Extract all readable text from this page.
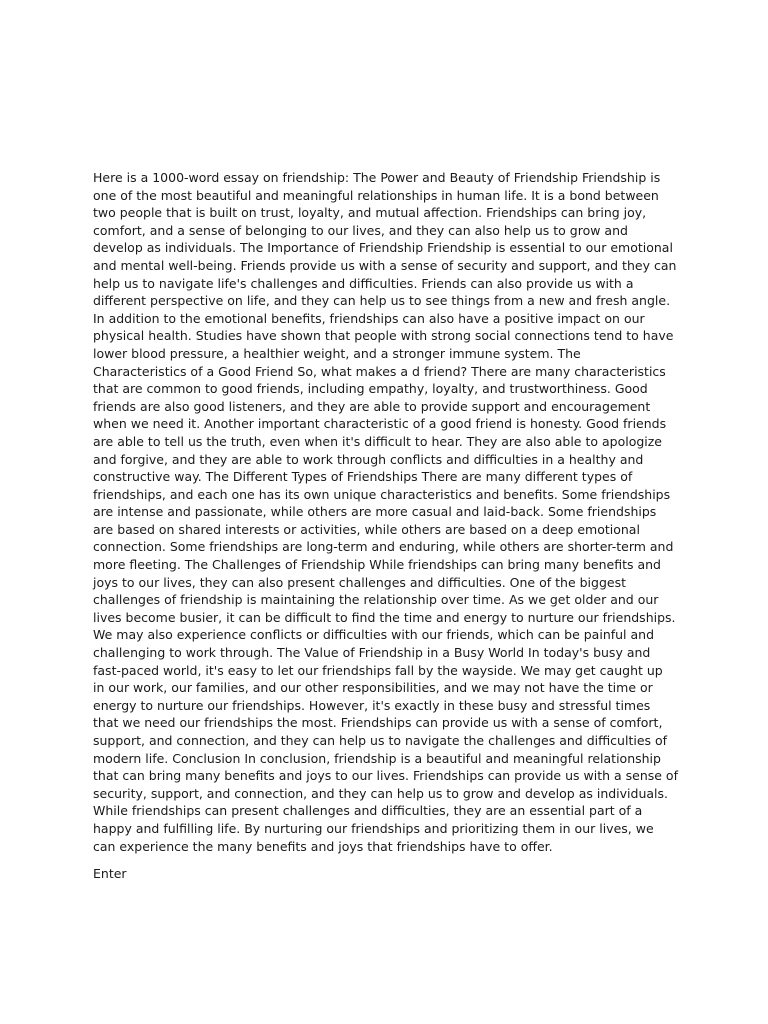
Here is a 1000-word essay on friendship: The Power and Beauty of Friendship Friendship is one of the most beautiful and meaningful relationships in human life. It is a bond between two people that is built on trust, loyalty, and mutual affection. Friendships can bring joy, comfort, and a sense of belonging to our lives, and they can also help us to grow and develop as individuals. The Importance of Friendship Friendship is essential to our emotional and mental well-being. Friends provide us with a sense of security and support, and they can help us to navigate life's challenges and difficulties. Friends can also provide us with a different perspective on life, and they can help us to see things from a new and fresh angle. In addition to the emotional benefits, friendships can also have a positive impact on our physical health. Studies have shown that people with strong social connections tend to have lower blood pressure, a healthier weight, and a stronger immune system. The Characteristics of a Good Friend So, what makes a d friend? There are many characteristics that are common to good friends, including empathy, loyalty, and trustworthiness. Good friends are also good listeners, and they are able to provide support and encouragement when we need it. Another important characteristic of a good friend is honesty. Good friends are able to tell us the truth, even when it's difficult to hear. They are also able to apologize and forgive, and they are able to work through conflicts and difficulties in a healthy and constructive way. The Different Types of Friendships There are many different types of friendships, and each one has its own unique characteristics and benefits. Some friendships are intense and passionate, while others are more casual and laid-back. Some friendships are based on shared interests or activities, while others are based on a deep emotional connection. Some friendships are long-term and enduring, while others are shorter-term and more fleeting. The Challenges of Friendship While friendships can bring many benefits and joys to our lives, they can also present challenges and difficulties. One of the biggest challenges of friendship is maintaining the relationship over time. As we get older and our lives become busier, it can be difficult to find the time and energy to nurture our friendships. We may also experience conflicts or difficulties with our friends, which can be painful and challenging to work through. The Value of Friendship in a Busy World In today's busy and fast-paced world, it's easy to let our friendships fall by the wayside. We may get caught up in our work, our families, and our other responsibilities, and we may not have the time or energy to nurture our friendships. However, it's exactly in these busy and stressful times that we need our friendships the most. Friendships can provide us with a sense of comfort, support, and connection, and they can help us to navigate the challenges and difficulties of modern life. Conclusion In conclusion, friendship is a beautiful and meaningful relationship that can bring many benefits and joys to our lives. Friendships can provide us with a sense of security, support, and connection, and they can help us to grow and develop as individuals. While friendships can present challenges and difficulties, they are an essential part of a happy and fulfilling life. By nurturing our friendships and prioritizing them in our lives, we can experience the many benefits and joys that friendships have to offer.

Enter
